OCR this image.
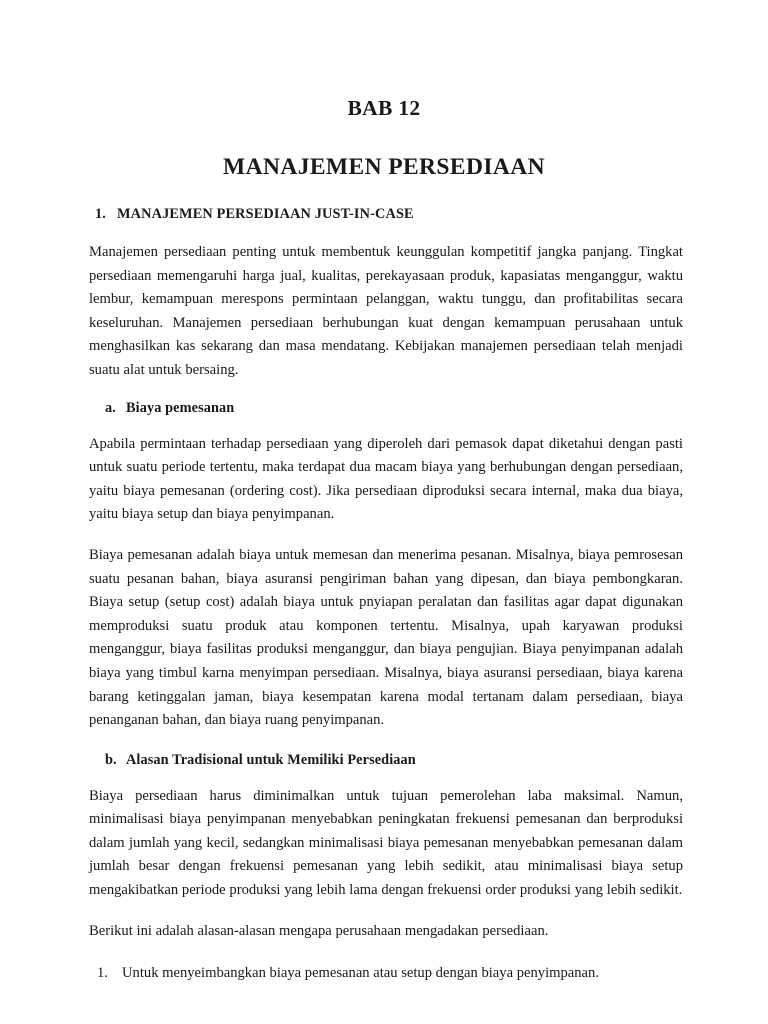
BAB 12
MANAJEMEN PERSEDIAAN
1. MANAJEMEN PERSEDIAAN JUST-IN-CASE

Manajemen persediaan penting untuk membentuk keunggulan kompetitif jangka panjang. Tingkat persediaan memengaruhi harga jual, kualitas, perekayasaan produk, kapasiatas menganggur, waktu lembur, kemampuan merespons permintaan pelanggan, waktu tunggu, dan profitabilitas secara keseluruhan. Manajemen persediaan berhubungan kuat dengan kemampuan perusahaan untuk menghasilkan kas sekarang dan masa mendatang. Kebijakan manajemen persediaan telah menjadi suatu alat untuk bersaing.

a. Biaya pemesanan

Apabila permintaan terhadap persediaan yang diperoleh dari pemasok dapat diketahui dengan pasti untuk suatu periode tertentu, maka terdapat dua macam biaya yang berhubungan dengan persediaan, yaitu biaya pemesanan (ordering cost). Jika persediaan diproduksi secara internal, maka dua biaya, yaitu biaya setup dan biaya penyimpanan.

Biaya pemesanan adalah biaya untuk memesan dan menerima pesanan. Misalnya, biaya pemrosesan suatu pesanan bahan, biaya asuransi pengiriman bahan yang dipesan, dan biaya pembongkaran. Biaya setup (setup cost) adalah biaya untuk pnyiapan peralatan dan fasilitas agar dapat digunakan memproduksi suatu produk atau komponen tertentu. Misalnya, upah karyawan produksi menganggur, biaya fasilitas produksi menganggur, dan biaya pengujian. Biaya penyimpanan adalah biaya yang timbul karna menyimpan persediaan. Misalnya, biaya asuransi persediaan, biaya karena barang ketinggalan jaman, biaya kesempatan karena modal tertanam dalam persediaan, biaya penanganan bahan, dan biaya ruang penyimpanan.

b. Alasan Tradisional untuk Memiliki Persediaan

Biaya persediaan harus diminimalkan untuk tujuan pemerolehan laba maksimal. Namun, minimalisasi biaya penyimpanan menyebabkan peningkatan frekuensi pemesanan dan berproduksi dalam jumlah yang kecil, sedangkan minimalisasi biaya pemesanan menyebabkan pemesanan dalam jumlah besar dengan frekuensi pemesanan yang lebih sedikit, atau minimalisasi biaya setup mengakibatkan periode produksi yang lebih lama dengan frekuensi order produksi yang lebih sedikit.

Berikut ini adalah alasan-alasan mengapa perusahaan mengadakan persediaan.

1. Untuk menyeimbangkan biaya pemesanan atau setup dengan biaya penyimpanan.
